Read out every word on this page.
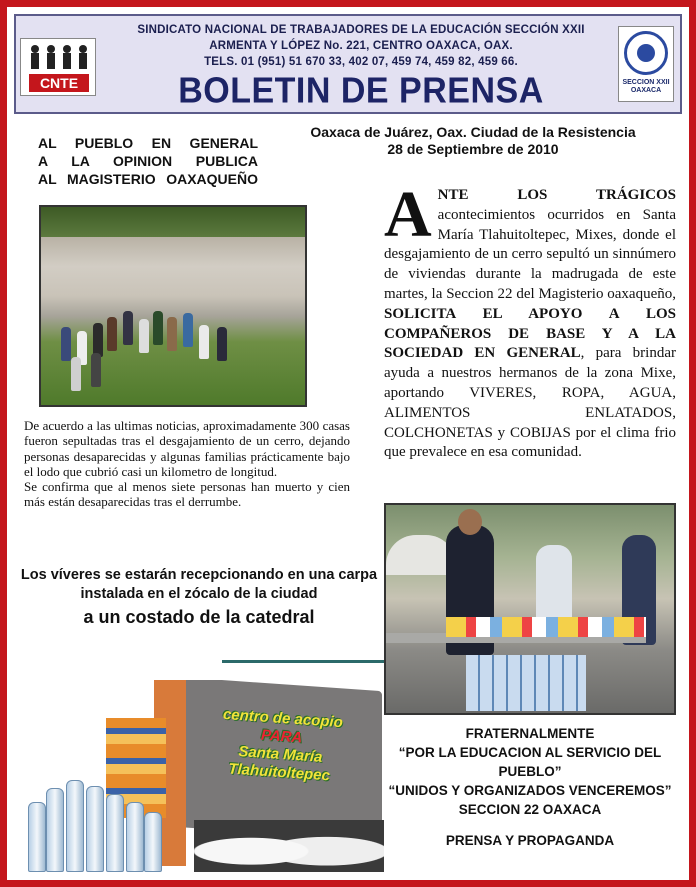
CNTE
SINDICATO NACIONAL DE TRABAJADORES DE LA EDUCACIÓN SECCIÓN XXII
ARMENTA Y LÓPEZ No. 221, CENTRO OAXACA, OAX.
TELS. 01 (951) 51 670 33, 402 07, 459 74, 459 82, 459 66.
BOLETIN DE PRENSA	SECCION XXII OAXACA
AL PUEBLO EN GENERAL
A LA OPINION PUBLICA
AL MAGISTERIO OAXAQUEÑO
Oaxaca de Juárez, Oax. Ciudad de la Resistencia
28 de Septiembre de 2010

De acuerdo a las ultimas noticias, aproximadamente 300 casas fueron sepultadas tras el desgajamiento de un cerro, dejando personas desaparecidas y algunas familias prácticamente bajo el lodo que cubrió casi un kilometro de longitud.

Se confirma que al menos siete personas han muerto y cien más están desaparecidas tras el derrumbe.

Los víveres se estarán recepcionando en una carpa instalada en el zócalo de la ciudad
a un costado de la catedral
ANTE LOS TRÁGICOS acontecimientos ocurridos en Santa María Tlahuitoltepec, Mixes, donde el desgajamiento de un cerro sepultó un sinnúmero de viviendas durante la madrugada de este martes, la Seccion 22 del Magisterio oaxaqueño, SOLICITA EL APOYO A LOS COMPAÑEROS DE BASE Y A LA SOCIEDAD EN GENERAL, para brindar ayuda a nuestros hermanos de la zona Mixe, aportando VIVERES, ROPA, AGUA, ALIMENTOS ENLATADOS, COLCHONETAS y COBIJAS por el clima frio que prevalece en esa comunidad.
FRATERNALMENTE
“POR LA EDUCACION AL SERVICIO DEL PUEBLO”
“UNIDOS Y ORGANIZADOS VENCEREMOS”
SECCION 22 OAXACA
PRENSA Y PROPAGANDA
centro de acopio
PARA
Santa María
Tlahuitoltepec
